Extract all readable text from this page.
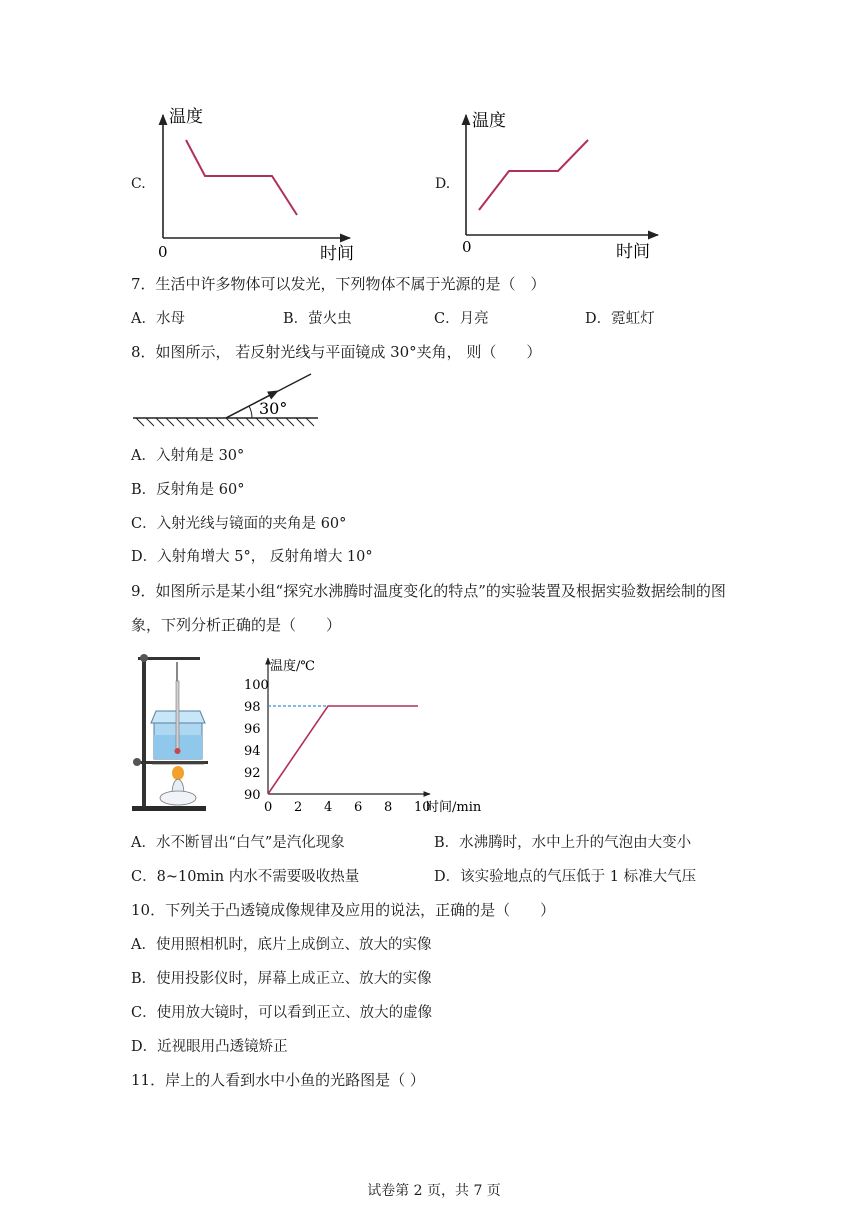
C.
温度
0	时间
D.
温度
0	时间
7．生活中许多物体可以发光，下列物体不属于光源的是（　）
A．水母	B．萤火虫	C．月亮	D．霓虹灯
8．如图所示， 若反射光线与平面镜成 30°夹角， 则（　　）
30°
A．入射角是 30°
B．反射角是 60°
C．入射光线与镜面的夹角是 60°
D．入射角增大 5°， 反射角增大 10°
9．如图所示是某小组“探究水沸腾时温度变化的特点”的实验装置及根据实验数据绘制的图
象，下列分析正确的是（　　）
温度/℃
时间/min
0 2 4 6 8 10
90
92
94
96
98
100
A．水不断冒出“白气”是汽化现象	B．水沸腾时，水中上升的气泡由大变小
C．8~10min 内水不需要吸收热量	D．该实验地点的气压低于 1 标准大气压
10．下列关于凸透镜成像规律及应用的说法，正确的是（　　）
A．使用照相机时，底片上成倒立、放大的实像
B．使用投影仪时，屏幕上成正立、放大的实像
C．使用放大镜时，可以看到正立、放大的虚像
D．近视眼用凸透镜矫正
11．岸上的人看到水中小鱼的光路图是（ ）
试卷第 2 页，共 7 页
